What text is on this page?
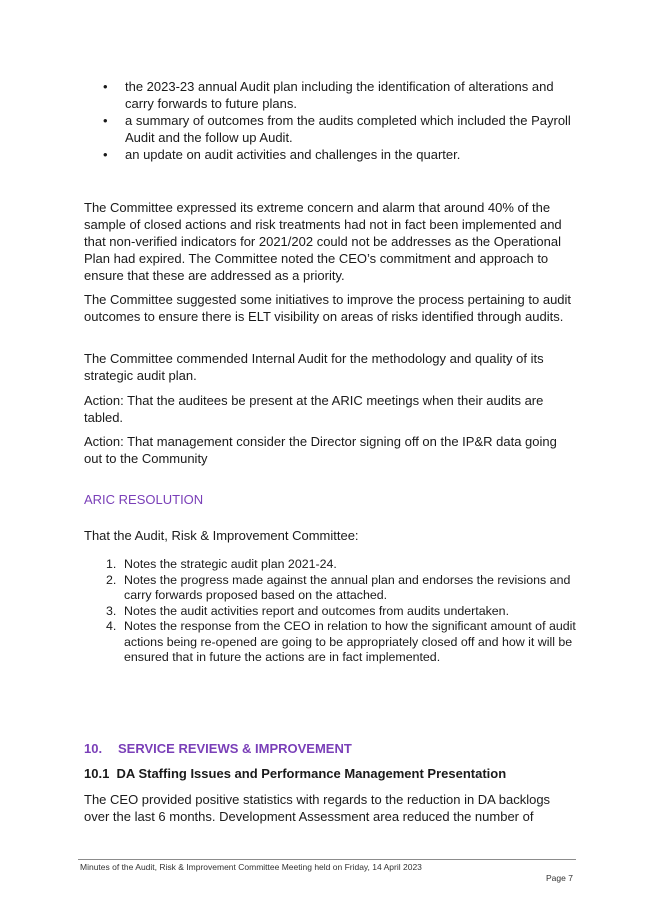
• the 2023-23 annual Audit plan including the identification of alterations and carry forwards to future plans.
• a summary of outcomes from the audits completed which included the Payroll Audit and the follow up Audit.
• an update on audit activities and challenges in the quarter.

The Committee expressed its extreme concern and alarm that around 40% of the sample of closed actions and risk treatments had not in fact been implemented and that non-verified indicators for 2021/202 could not be addresses as the Operational Plan had expired. The Committee noted the CEO’s commitment and approach to ensure that these are addressed as a priority.

The Committee suggested some initiatives to improve the process pertaining to audit outcomes to ensure there is ELT visibility on areas of risks identified through audits.

The Committee commended Internal Audit for the methodology and quality of its strategic audit plan.

Action: That the auditees be present at the ARIC meetings when their audits are tabled.

Action: That management consider the Director signing off on the IP&R data going out to the Community

ARIC RESOLUTION
That the Audit, Risk & Improvement Committee:
1. Notes the strategic audit plan 2021-24.
2. Notes the progress made against the annual plan and endorses the revisions and carry forwards proposed based on the attached.
3. Notes the audit activities report and outcomes from audits undertaken.
4. Notes the response from the CEO in relation to how the significant amount of audit actions being re-opened are going to be appropriately closed off and how it will be ensured that in future the actions are in fact implemented.
10. SERVICE REVIEWS & IMPROVEMENT
10.1 DA Staffing Issues and Performance Management Presentation

The CEO provided positive statistics with regards to the reduction in DA backlogs over the last 6 months. Development Assessment area reduced the number of

Minutes of the Audit, Risk & Improvement Committee Meeting held on Friday, 14 April 2023
Page 7
